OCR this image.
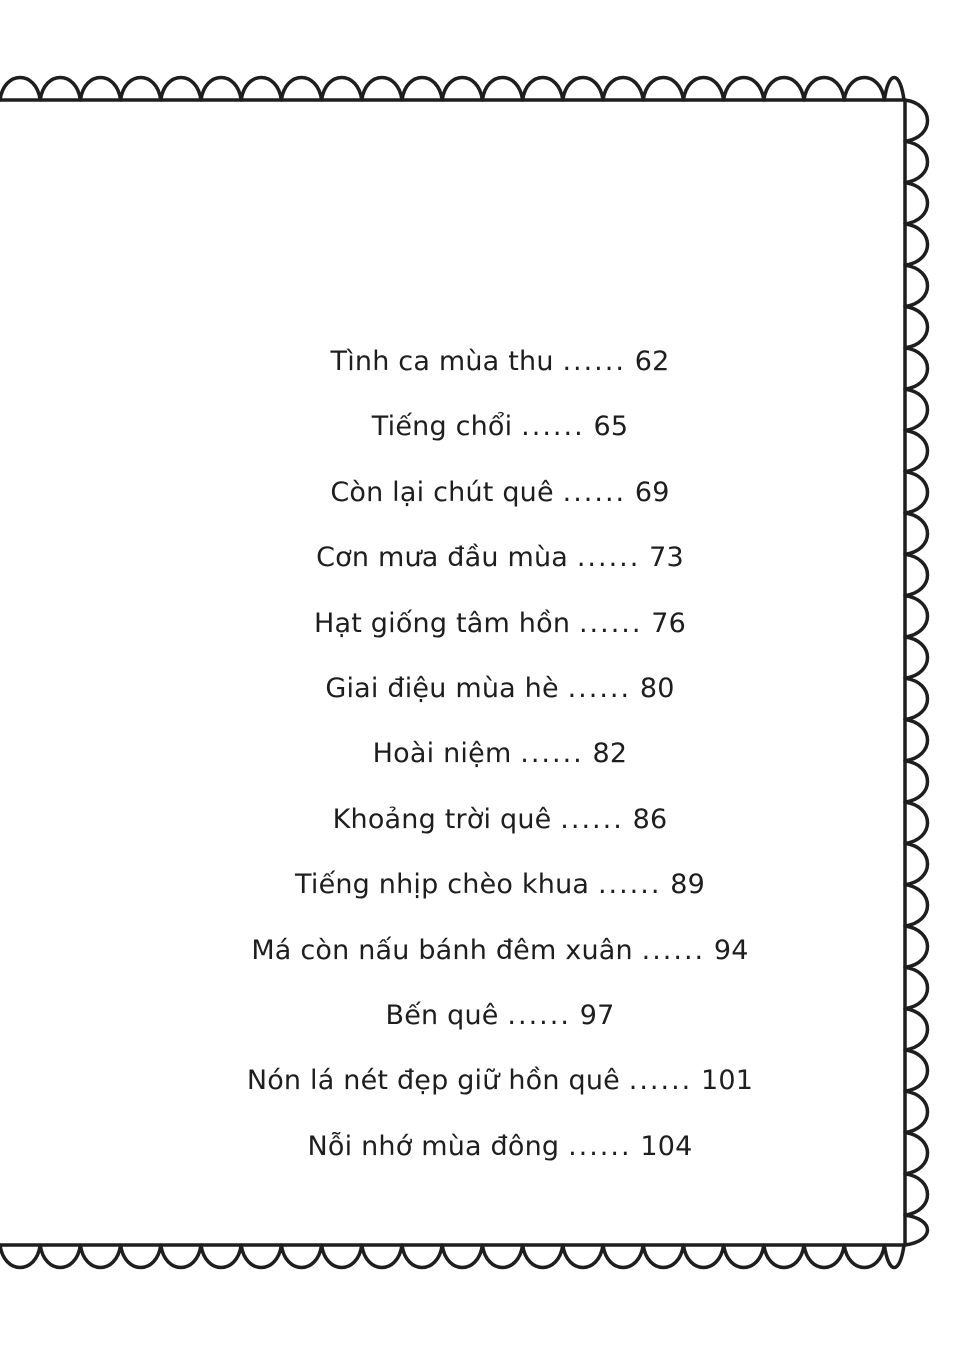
Tình ca mùa thu ...... 62
Tiếng chổi ...... 65
Còn lại chút quê ...... 69
Cơn mưa đầu mùa ...... 73
Hạt giống tâm hồn ...... 76
Giai điệu mùa hè ...... 80
Hoài niệm ...... 82
Khoảng trời quê ...... 86
Tiếng nhịp chèo khua ...... 89
Má còn nấu bánh đêm xuân ...... 94
Bến quê ...... 97
Nón lá nét đẹp giữ hồn quê ...... 101
Nỗi nhớ mùa đông ...... 104
